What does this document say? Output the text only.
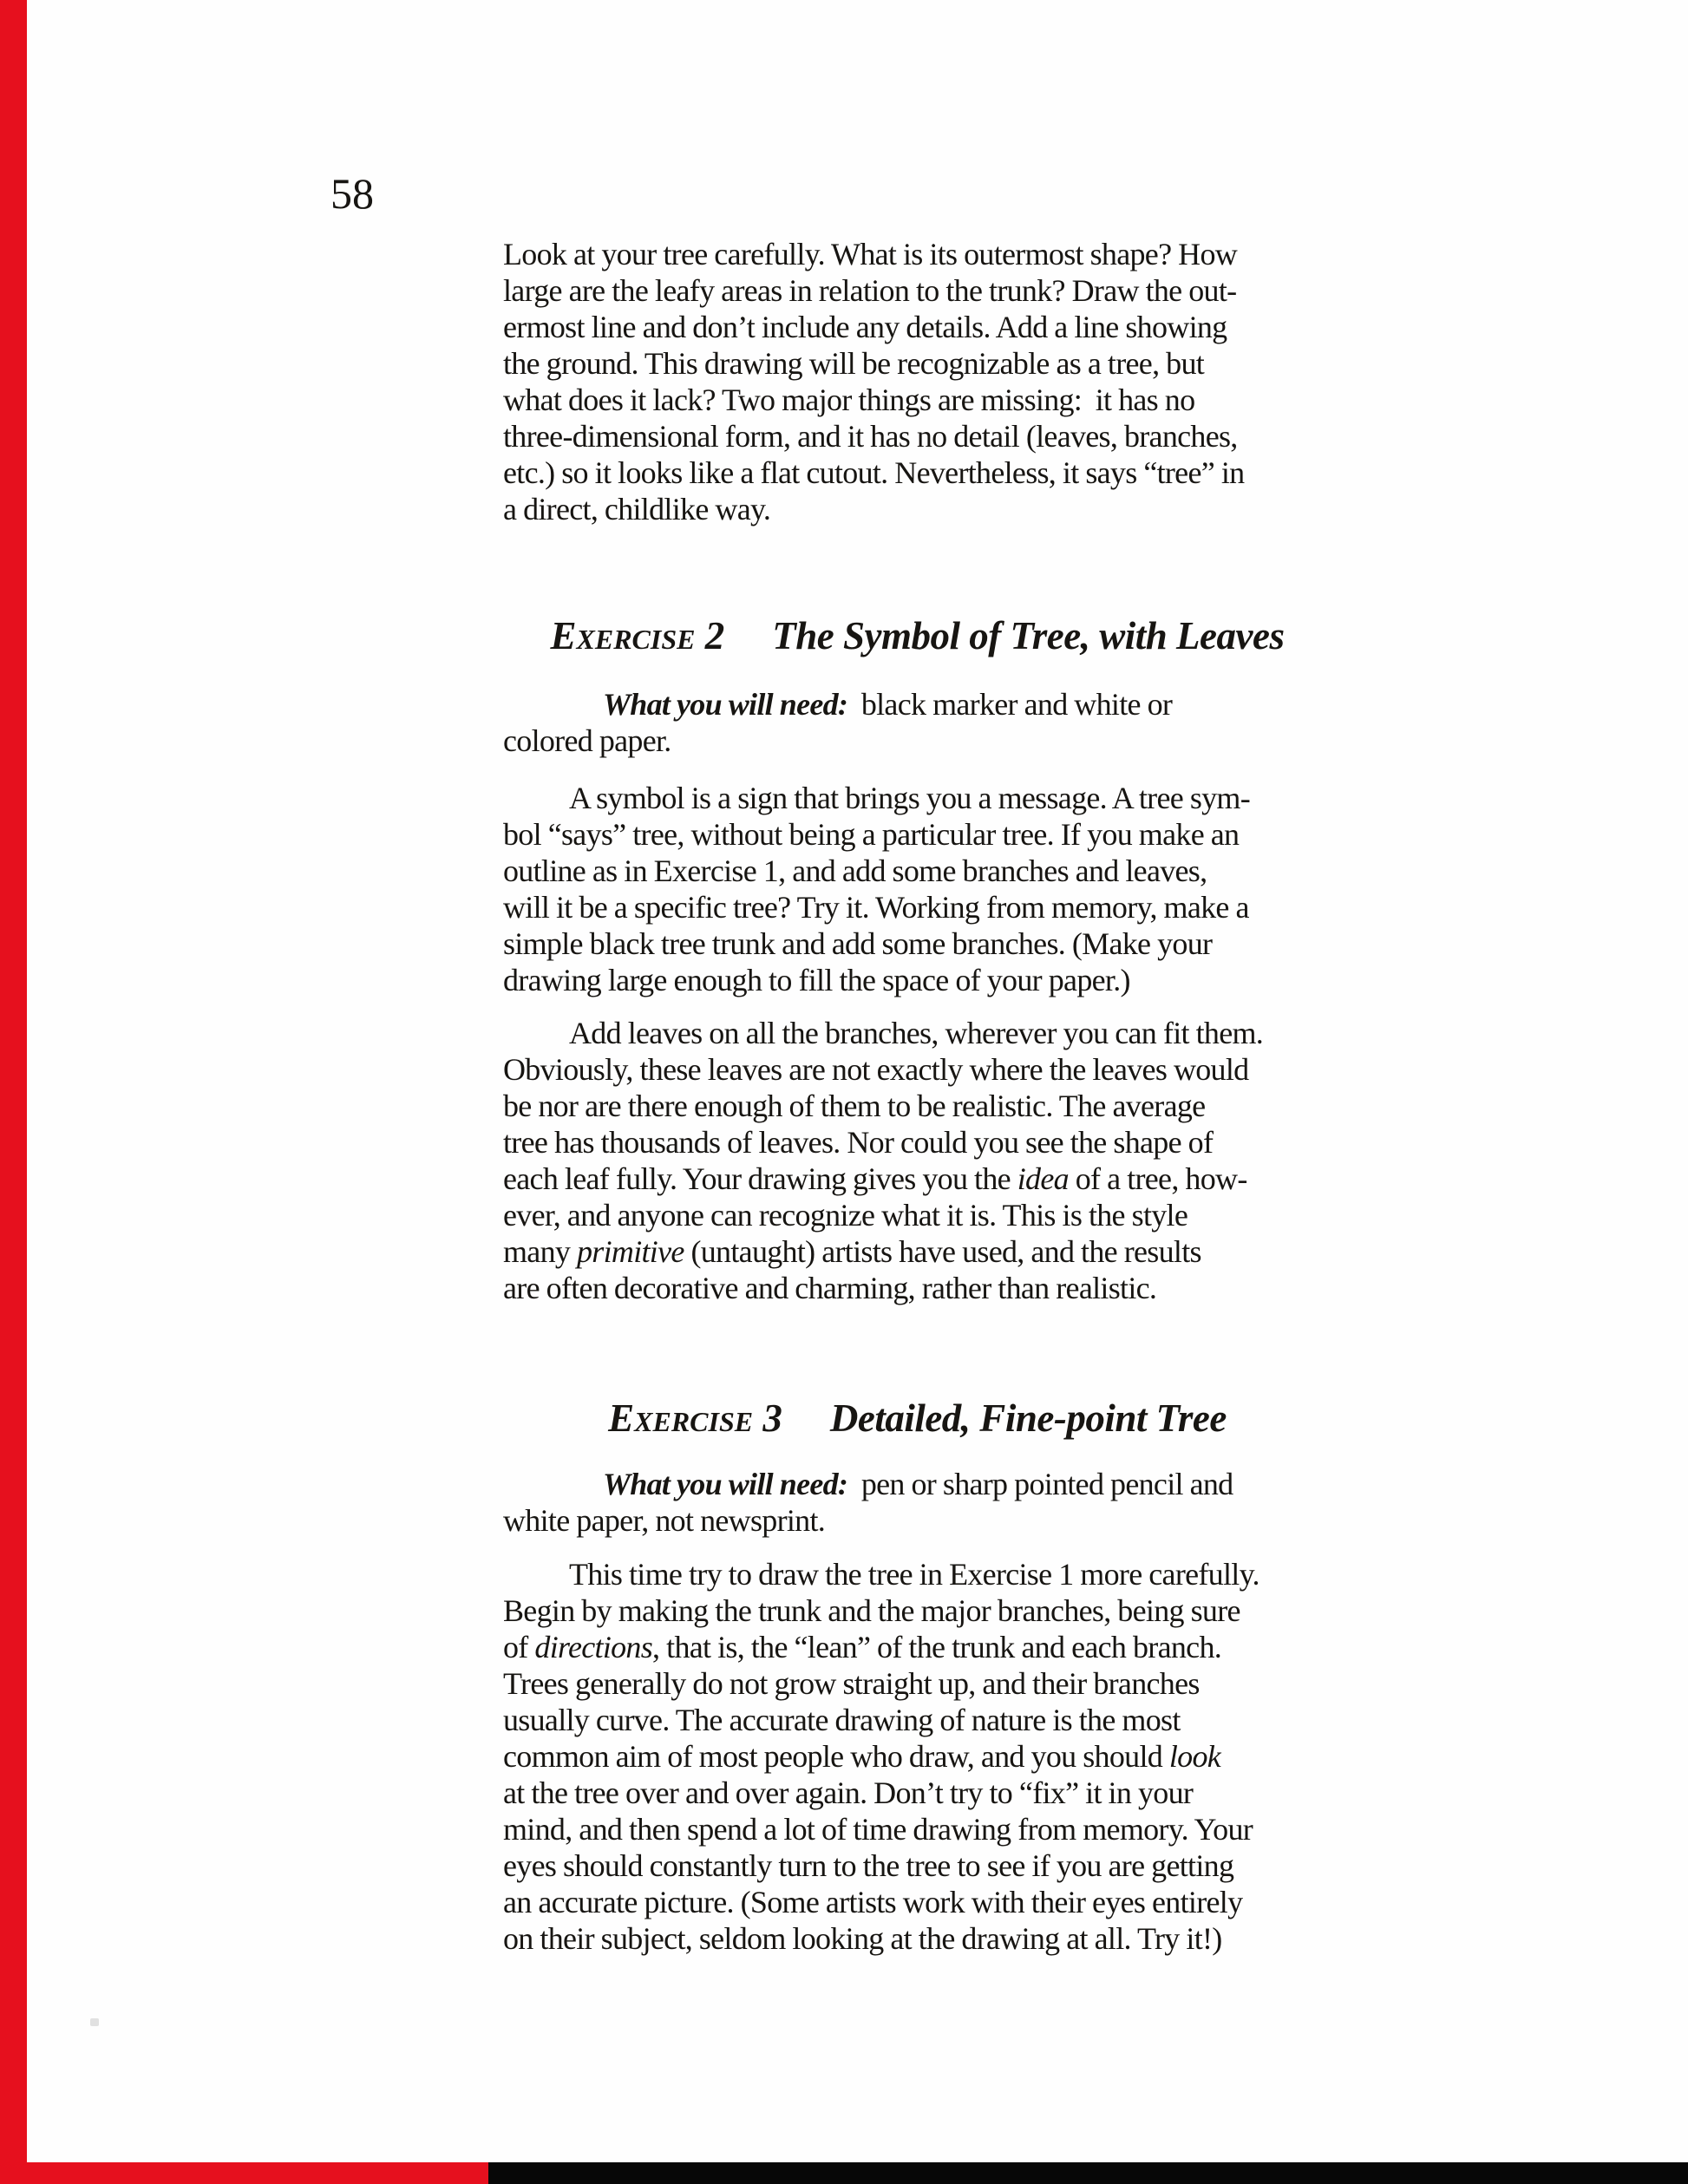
58
Look at your tree carefully. What is its outermost shape? How
large are the leafy areas in relation to the trunk? Draw the out-
ermost line and don’t include any details. Add a line showing
the ground. This drawing will be recognizable as a tree, but
what does it lack? Two major things are missing:  it has no
three-dimensional form, and it has no detail (leaves, branches,
etc.) so it looks like a flat cutout. Nevertheless, it says “tree” in
a direct, childlike way.
Exercise 2 The Symbol of Tree, with Leaves
What you will need:  black marker and white or
colored paper.
A symbol is a sign that brings you a message. A tree sym-
bol “says” tree, without being a particular tree. If you make an
outline as in Exercise 1, and add some branches and leaves,
will it be a specific tree? Try it. Working from memory, make a
simple black tree trunk and add some branches. (Make your
drawing large enough to fill the space of your paper.)
Add leaves on all the branches, wherever you can fit them.
Obviously, these leaves are not exactly where the leaves would
be nor are there enough of them to be realistic. The average
tree has thousands of leaves. Nor could you see the shape of
each leaf fully. Your drawing gives you the idea of a tree, how-
ever, and anyone can recognize what it is. This is the style
many primitive (untaught) artists have used, and the results
are often decorative and charming, rather than realistic.
Exercise 3 Detailed, Fine-point Tree
What you will need:  pen or sharp pointed pencil and
white paper, not newsprint.
This time try to draw the tree in Exercise 1 more carefully.
Begin by making the trunk and the major branches, being sure
of directions, that is, the “lean” of the trunk and each branch.
Trees generally do not grow straight up, and their branches
usually curve. The accurate drawing of nature is the most
common aim of most people who draw, and you should look
at the tree over and over again. Don’t try to “fix” it in your
mind, and then spend a lot of time drawing from memory. Your
eyes should constantly turn to the tree to see if you are getting
an accurate picture. (Some artists work with their eyes entirely
on their subject, seldom looking at the drawing at all. Try it!)
